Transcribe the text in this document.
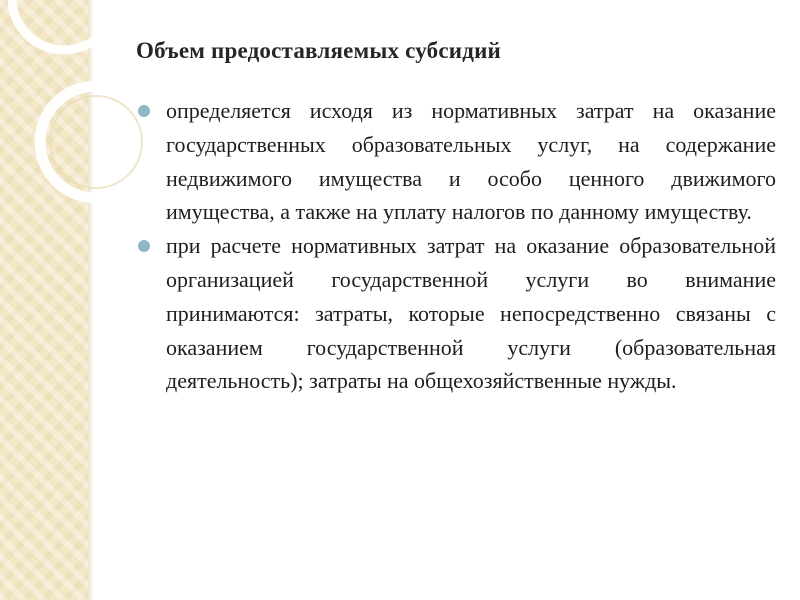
Объем предоставляемых субсидий
определяется исходя из нормативных затрат на оказание государственных образовательных услуг, на содержание недвижимого имущества и особо ценного движимого имущества, а также на уплату налогов по данному имуществу.
при расчете нормативных затрат на оказание образовательной организацией государственной услуги во внимание принимаются: затраты, которые непосредственно связаны с оказанием государственной услуги (образовательная деятельность); затраты на общехозяйственные нужды.
